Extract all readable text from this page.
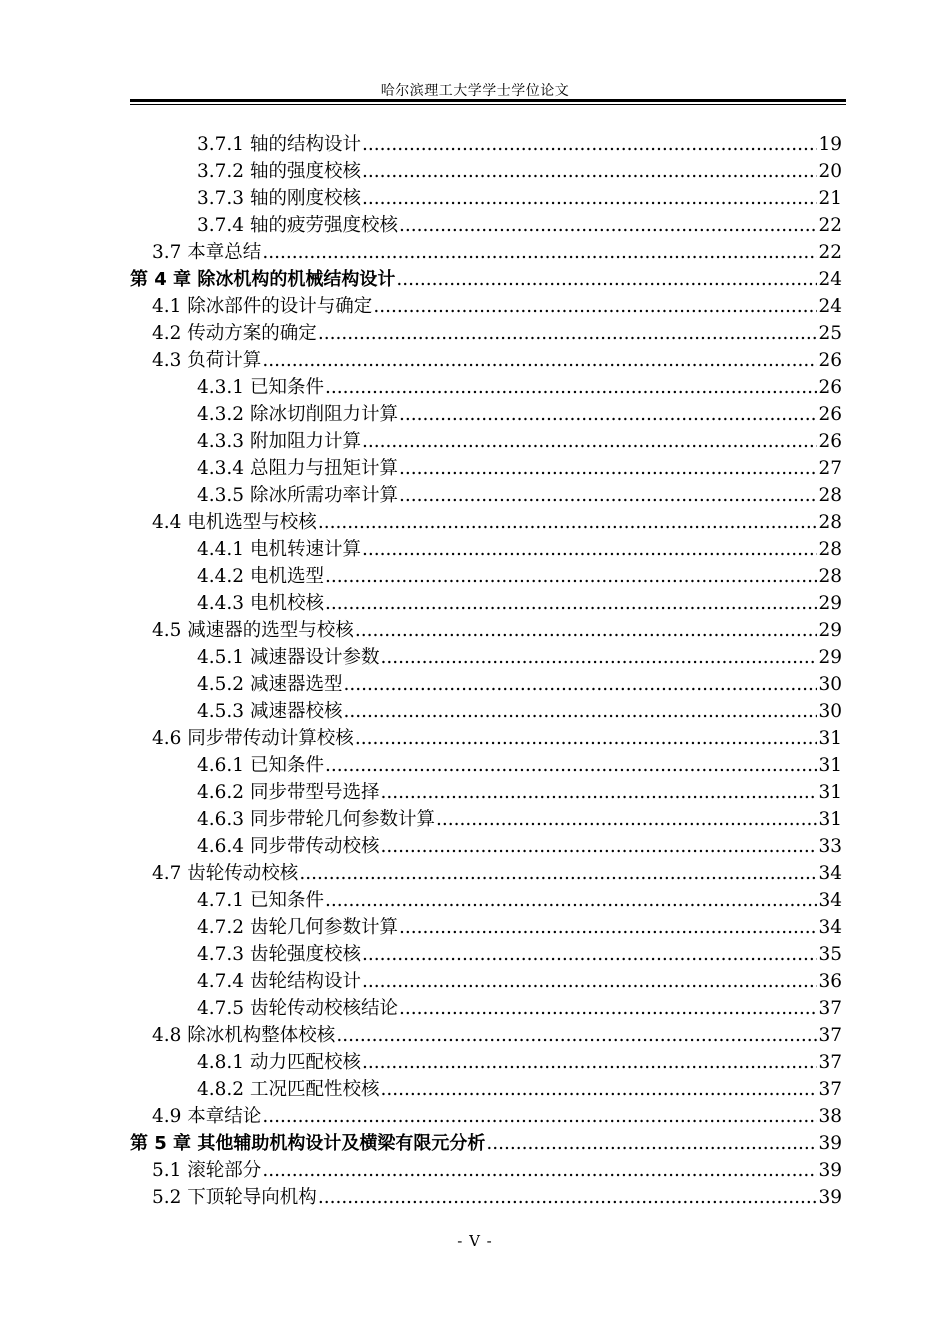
哈尔滨理工大学学士学位论文
3.7.1 轴的结构设计 .....	19
3.7.2 轴的强度校核 .....	20
3.7.3 轴的刚度校核 .....	21
3.7.4 轴的疲劳强度校核 .....	22
3.7 本章总结 .....	22
第 4 章 除冰机构的机械结构设计 .....	24
4.1 除冰部件的设计与确定 .....	24
4.2 传动方案的确定 .....	25
4.3 负荷计算 .....	26
4.3.1 已知条件 .....	26
4.3.2 除冰切削阻力计算 .....	26
4.3.3 附加阻力计算 .....	26
4.3.4 总阻力与扭矩计算 .....	27
4.3.5 除冰所需功率计算 .....	28
4.4 电机选型与校核 .....	28
4.4.1 电机转速计算 .....	28
4.4.2 电机选型 .....	28
4.4.3 电机校核 .....	29
4.5 减速器的选型与校核 .....	29
4.5.1 减速器设计参数 .....	29
4.5.2 减速器选型 .....	30
4.5.3 减速器校核 .....	30
4.6 同步带传动计算校核 .....	31
4.6.1 已知条件 .....	31
4.6.2 同步带型号选择 .....	31
4.6.3 同步带轮几何参数计算 .....	31
4.6.4 同步带传动校核 .....	33
4.7 齿轮传动校核 .....	34
4.7.1 已知条件 .....	34
4.7.2 齿轮几何参数计算 .....	34
4.7.3 齿轮强度校核 .....	35
4.7.4 齿轮结构设计 .....	36
4.7.5 齿轮传动校核结论 .....	37
4.8 除冰机构整体校核 .....	37
4.8.1 动力匹配校核 .....	37
4.8.2 工况匹配性校核 .....	37
4.9 本章结论 .....	38
第 5 章 其他辅助机构设计及横梁有限元分析 .....	39
5.1 滚轮部分 .....	39
5.2 下顶轮导向机构 .....	39
- V -
